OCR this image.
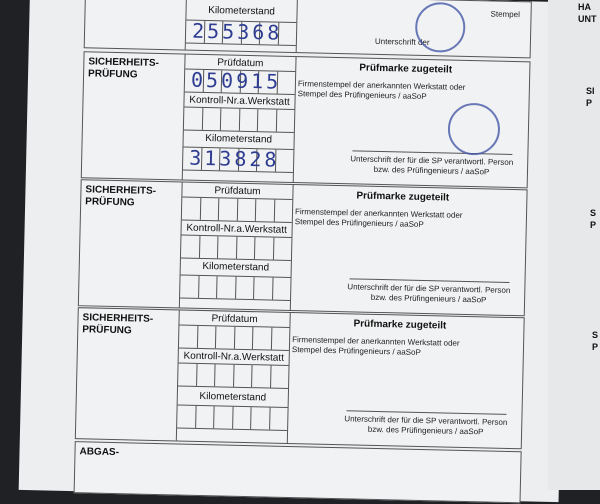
Kilometerstand
255368
Stempel
Unterschrift der
SICHERHEITS-
PRÜFUNG
Prüfdatum
050915
Kontroll-Nr.a.Werkstatt
Kilometerstand
313828
Prüfmarke zugeteilt
Firmenstempel der anerkannten Werkstatt oder
Stempel des Prüfingenieurs / aaSoP
Unterschrift der für die SP verantwortl. Person
bzw. des Prüfingenieurs / aaSoP
SICHERHEITS-
PRÜFUNG
Prüfdatum
Kontroll-Nr.a.Werkstatt
Kilometerstand
Prüfmarke zugeteilt
Firmenstempel der anerkannten Werkstatt oder
Stempel des Prüfingenieurs / aaSoP
Unterschrift der für die SP verantwortl. Person
bzw. des Prüfingenieurs / aaSoP
SICHERHEITS-
PRÜFUNG
Prüfdatum
Kontroll-Nr.a.Werkstatt
Kilometerstand
Prüfmarke zugeteilt
Firmenstempel der anerkannten Werkstatt oder
Stempel des Prüfingenieurs / aaSoP
Unterschrift der für die SP verantwortl. Person
bzw. des Prüfingenieurs / aaSoP
ABGAS-
HA
UNT
SI
P
S
P
S
P
